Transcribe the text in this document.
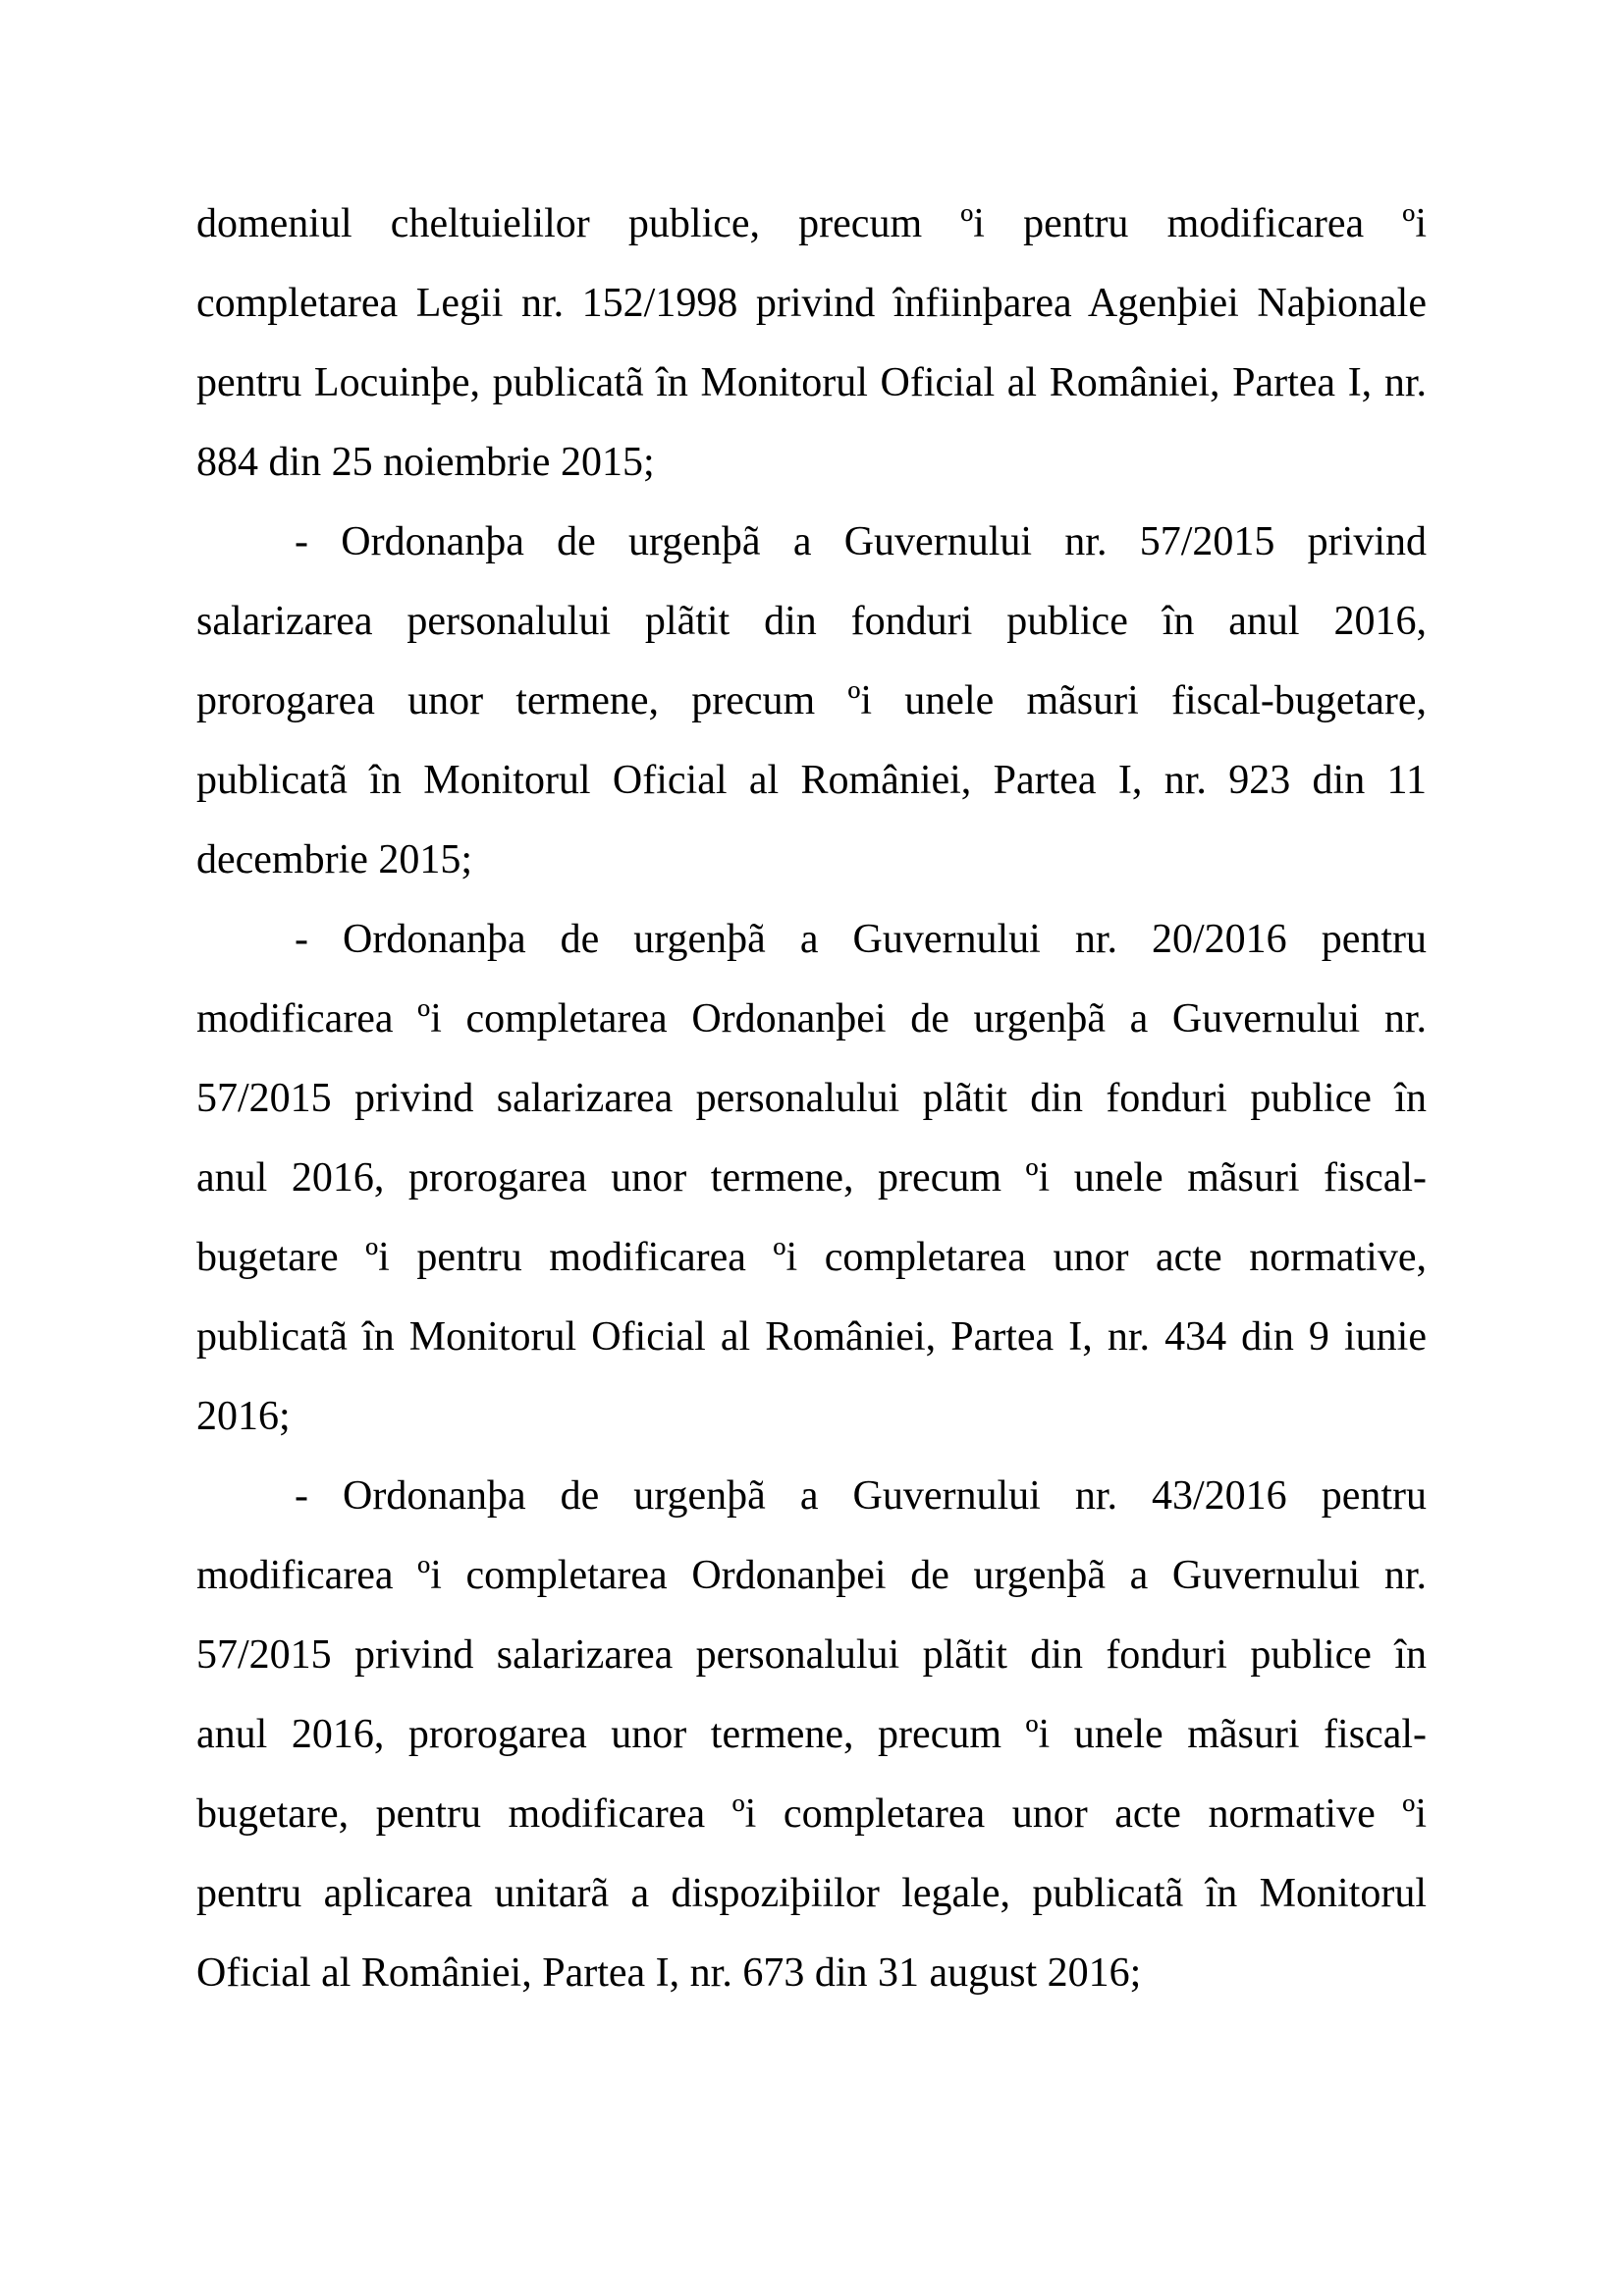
domeniul cheltuielilor publice, precum ºi pentru modificarea ºi
completarea Legii nr. 152/1998 privind înfiinþarea Agenþiei Naþionale
pentru Locuinþe, publicatã în Monitorul Oficial al României, Partea I, nr.
884 din 25 noiembrie 2015;
- Ordonanþa de urgenþã a Guvernului nr. 57/2015 privind
salarizarea personalului plãtit din fonduri publice în anul 2016,
prorogarea unor termene, precum ºi unele mãsuri fiscal-bugetare,
publicatã în Monitorul Oficial al României, Partea I, nr. 923 din 11
decembrie 2015;
- Ordonanþa de urgenþã a Guvernului nr. 20/2016 pentru
modificarea ºi completarea Ordonanþei de urgenþã a Guvernului nr.
57/2015 privind salarizarea personalului plãtit din fonduri publice în
anul 2016, prorogarea unor termene, precum ºi unele mãsuri fiscal-
bugetare ºi pentru modificarea ºi completarea unor acte normative,
publicatã în Monitorul Oficial al României, Partea I, nr. 434 din 9 iunie
2016;
- Ordonanþa de urgenþã a Guvernului nr. 43/2016 pentru
modificarea ºi completarea Ordonanþei de urgenþã a Guvernului nr.
57/2015 privind salarizarea personalului plãtit din fonduri publice în
anul 2016, prorogarea unor termene, precum ºi unele mãsuri fiscal-
bugetare, pentru modificarea ºi completarea unor acte normative ºi
pentru aplicarea unitarã a dispoziþiilor legale, publicatã în Monitorul
Oficial al României, Partea I, nr. 673 din 31 august 2016;
